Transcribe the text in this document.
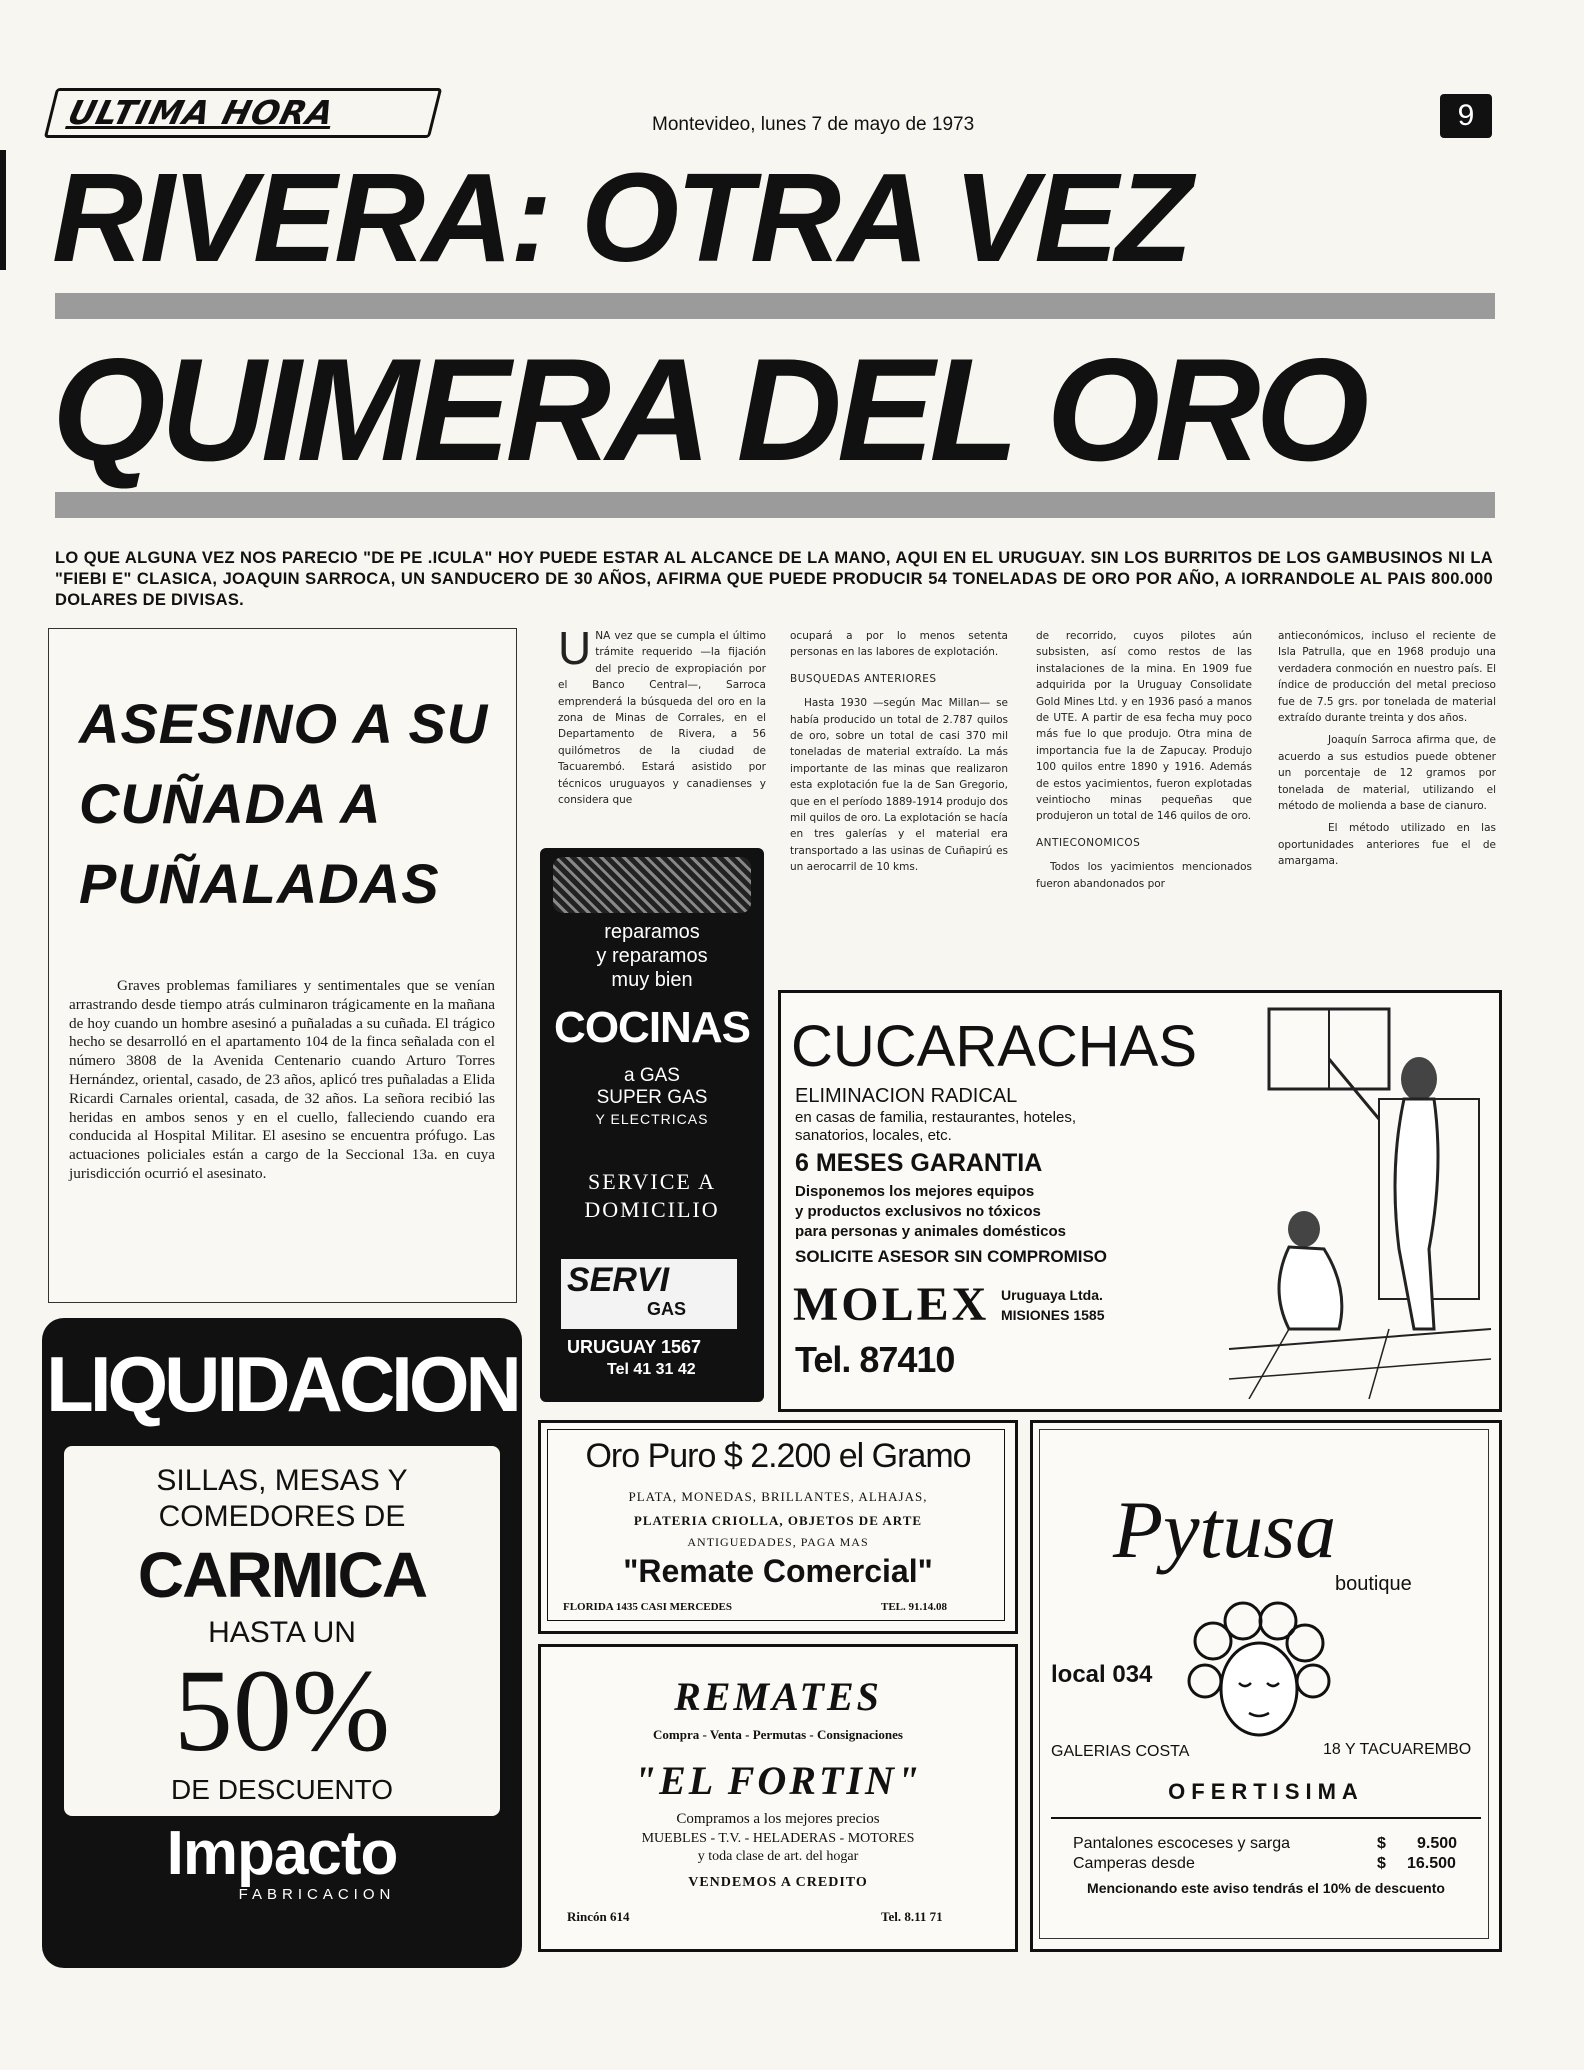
ULTIMA HORA	Montevideo, lunes 7 de mayo de 1973	9
RIVERA: OTRA VEZ
QUIMERA DEL ORO
LO QUE ALGUNA VEZ NOS PARECIO "DE PE .ICULA" HOY PUEDE ESTAR AL ALCANCE DE LA MANO, AQUI EN EL URUGUAY. SIN LOS BURRITOS DE LOS GAMBUSINOS NI LA "FIEBI E" CLASICA, JOAQUIN SARROCA, UN SANDUCERO DE 30 AÑOS, AFIRMA QUE PUEDE PRODUCIR 54 TONELADAS DE ORO POR AÑO, A IORRANDOLE AL PAIS 800.000 DOLARES DE DIVISAS.
ASESINO A SU
CUÑADA A
PUÑALADAS
Graves problemas familiares y sentimentales que se venían arrastrando desde tiempo atrás culminaron trágicamente en la mañana de hoy cuando un hombre asesinó a puñaladas a su cuñada. El trágico hecho se desarrolló en el apartamento 104 de la finca señalada con el número 3808 de la Avenida Centenario cuando Arturo Torres Hernández, oriental, casado, de 23 años, aplicó tres puñaladas a Elida Ricardi Carnales oriental, casada, de 32 años. La señora recibió las heridas en ambos senos y en el cuello, falleciendo cuando era conducida al Hospital Militar. El asesino se encuentra prófugo. Las actuaciones policiales están a cargo de la Seccional 13a. en cuya jurisdicción ocurrió el asesinato.
U NA vez que se cumpla el último trámite requerido —la fijación del precio de expropiación por el Banco Central—, Sarroca emprenderá la búsqueda del oro en la zona de Minas de Corrales, en el Departamento de Rivera, a 56 quilómetros de la ciudad de Tacuarembó. Estará asistido por técnicos uruguayos y canadienses y considera que

ocupará a por lo menos setenta personas en las labores de explotación.

BUSQUEDAS ANTERIORES

Hasta 1930 —según Mac Millan— se había producido un total de 2.787 quilos de oro, sobre un total de casi 370 mil toneladas de material extraído. La más importante de las minas que realizaron esta explotación fue la de San Gregorio, que en el período 1889-1914 produjo dos mil quilos de oro. La explotación se hacía en tres galerías y el material era transportado a las usinas de Cuñapirú es un aerocarril de 10 kms.

de recorrido, cuyos pilotes aún subsisten, así como restos de las instalaciones de la mina. En 1909 fue adquirida por la Uruguay Consolidate Gold Mines Ltd. y en 1936 pasó a manos de UTE. A partir de esa fecha muy poco más fue lo que produjo. Otra mina de importancia fue la de Zapucay. Produjo 100 quilos entre 1890 y 1916. Además de estos yacimientos, fueron explotadas veintiocho minas pequeñas que produjeron un total de 146 quilos de oro.

ANTIECONOMICOS

Todos los yacimientos mencionados fueron abandonados por

antieconómicos, incluso el reciente de Isla Patrulla, que en 1968 produjo una verdadera conmoción en nuestro país. El índice de producción del metal precioso fue de 7.5 grs. por tonelada de material extraído durante treinta y dos años.

Joaquín Sarroca afirma que, de acuerdo a sus estudios puede obtener un porcentaje de 12 gramos por tonelada de material, utilizando el método de molienda a base de cianuro.

El método utilizado en las oportunidades anteriores fue el de amargama.

reparamos
y reparamos
muy bien
COCINAS
a GAS
SUPER GAS
Y ELECTRICAS
SERVICE A
DOMICILIO
SERVI
GAS
URUGUAY 1567
Tel 41 31 42
CUCARACHAS
ELIMINACION RADICAL
en casas de familia, restaurantes, hoteles,
sanatorios, locales, etc.
6 MESES GARANTIA
Disponemos los mejores equipos
y productos exclusivos no tóxicos
para personas y animales domésticos
SOLICITE ASESOR SIN COMPROMISO
MOLEX Uruguaya Ltda.
MISIONES 1585
Tel. 87410
LIQUIDACION
SILLAS, MESAS Y
COMEDORES DE
CARMICA
HASTA UN
50%
DE DESCUENTO
Impacto
FABRICACION
Oro Puro $ 2.200 el Gramo
PLATA, MONEDAS, BRILLANTES, ALHAJAS,
PLATERIA CRIOLLA, OBJETOS DE ARTE
ANTIGUEDADES, PAGA MAS
"Remate Comercial"
FLORIDA 1435 CASI MERCEDES	TEL. 91.14.08
REMATES
Compra - Venta - Permutas - Consignaciones
"EL FORTIN"
Compramos a los mejores precios
MUEBLES - T.V. - HELADERAS - MOTORES
y toda clase de art. del hogar
VENDEMOS A CREDITO
Rincón 614	Tel. 8.11 71
Pytusa
boutique
local 034
GALERIAS COSTA	18 Y TACUAREMBO
OFERTISIMA
Pantalones escoceses y sarga	$ 9.500
Camperas desde	$ 16.500
Mencionando este aviso tendrás el 10% de descuento
